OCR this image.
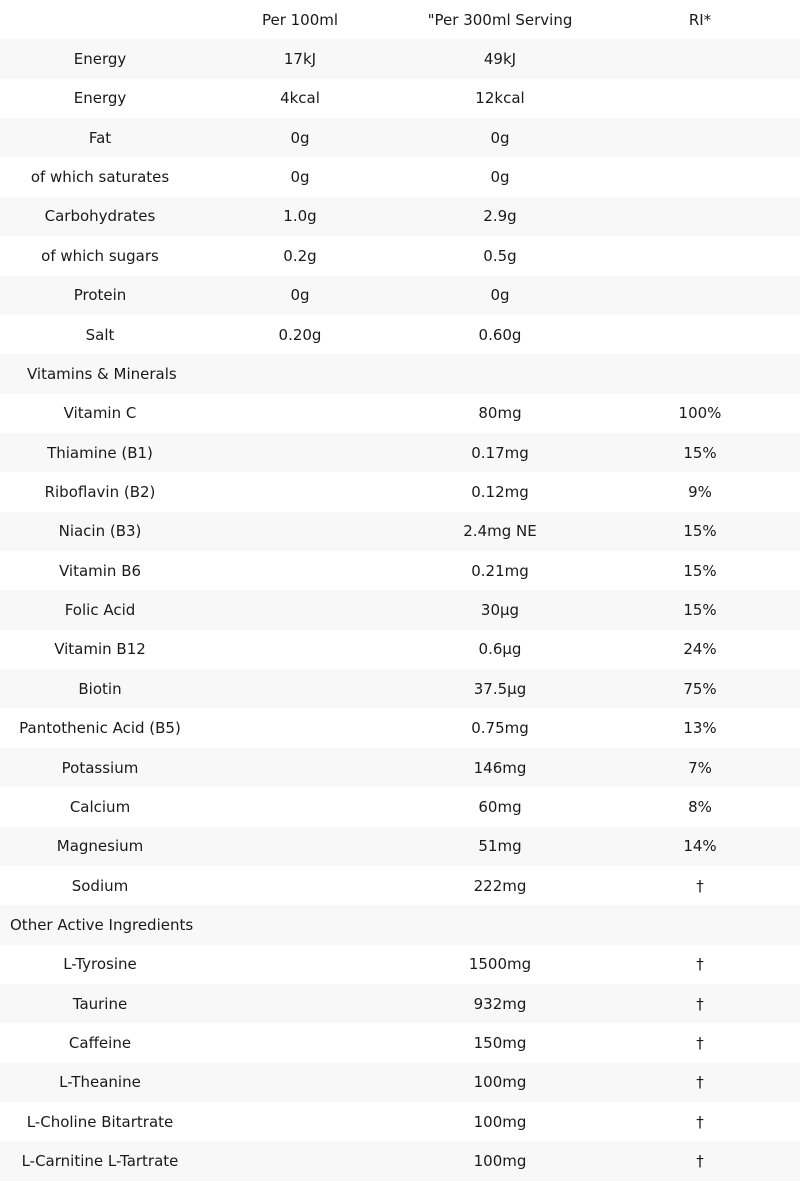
	Per 100ml	"Per 300ml Serving	RI*
Energy	17kJ	49kJ	
Energy	4kcal	12kcal	
Fat	0g	0g	
of which saturates	0g	0g	
Carbohydrates	1.0g	2.9g	
of which sugars	0.2g	0.5g	
Protein	0g	0g	
Salt	0.20g	0.60g	
Vitamins & Minerals			
Vitamin C		80mg	100%
Thiamine (B1)		0.17mg	15%
Riboflavin (B2)		0.12mg	9%
Niacin (B3)		2.4mg NE	15%
Vitamin B6		0.21mg	15%
Folic Acid		30µg	15%
Vitamin B12		0.6µg	24%
Biotin		37.5µg	75%
Pantothenic Acid (B5)		0.75mg	13%
Potassium		146mg	7%
Calcium		60mg	8%
Magnesium		51mg	14%
Sodium		222mg	†
Other Active Ingredients			
L-Tyrosine		1500mg	†
Taurine		932mg	†
Caffeine		150mg	†
L-Theanine		100mg	†
L-Choline Bitartrate		100mg	†
L-Carnitine L-Tartrate		100mg	†
